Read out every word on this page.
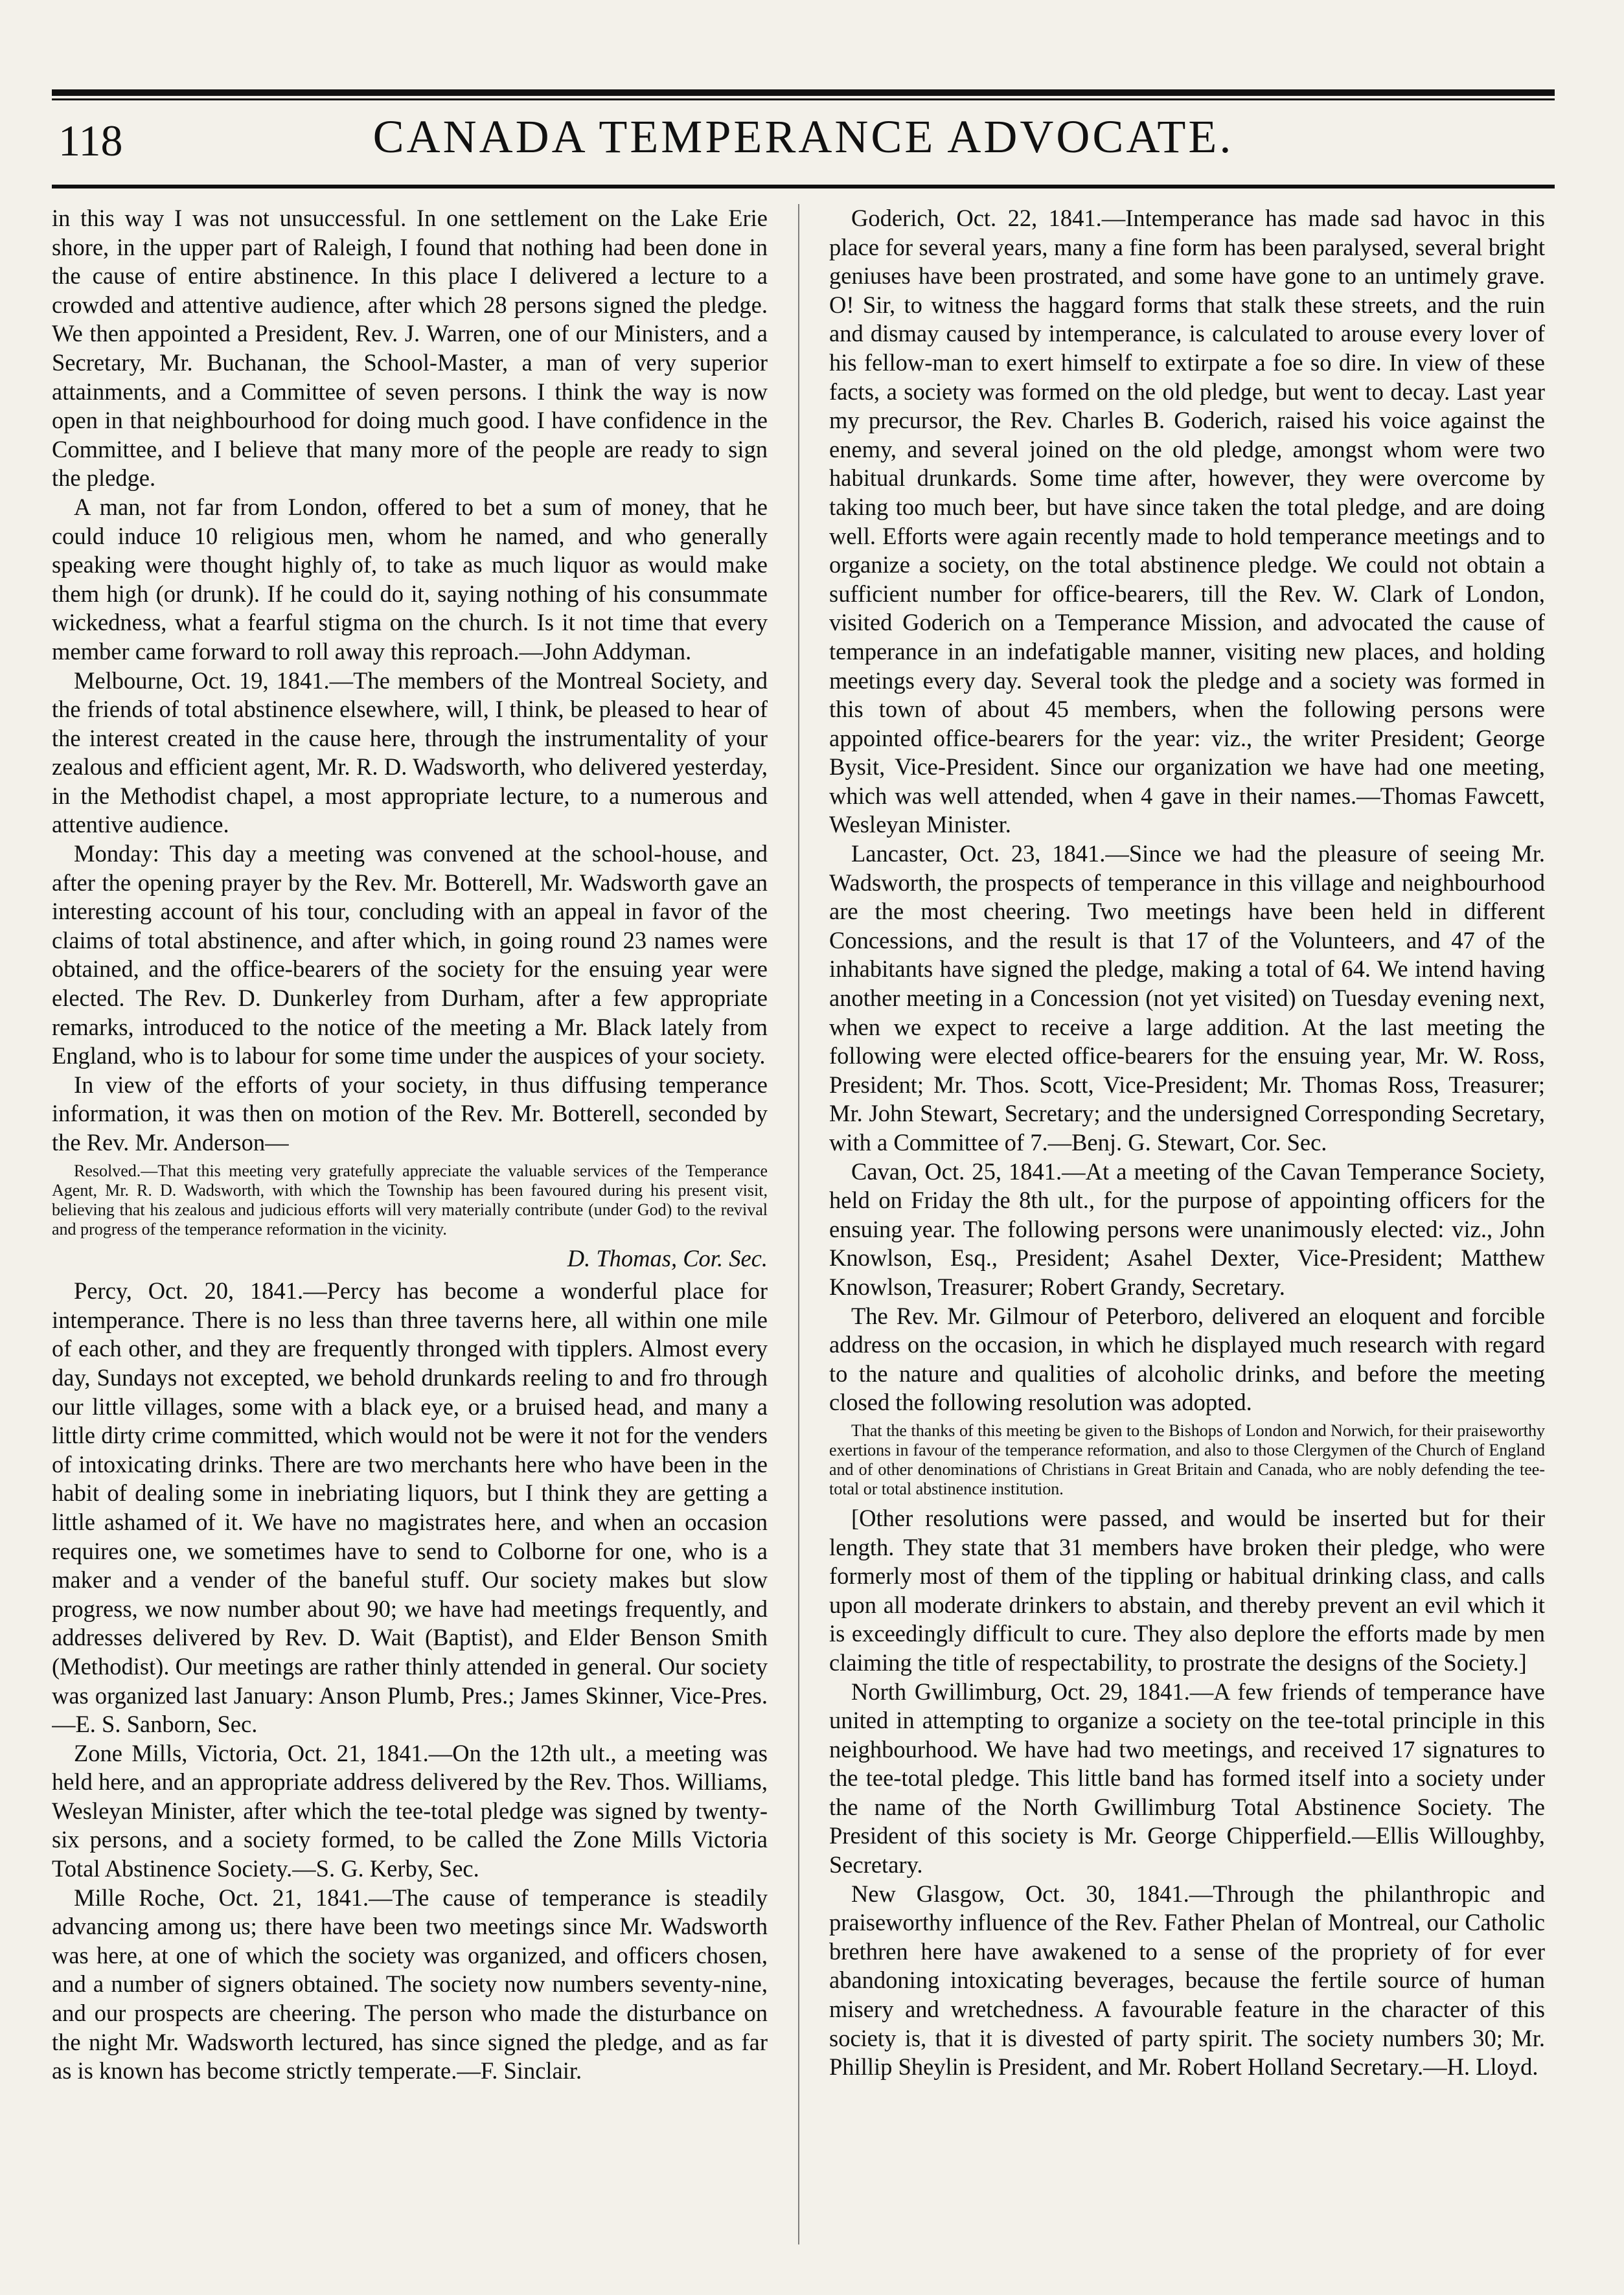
118	CANADA TEMPERANCE ADVOCATE.

in this way I was not unsuccessful. In one settlement on the Lake Erie shore, in the upper part of Raleigh, I found that nothing had been done in the cause of entire abstinence. In this place I delivered a lecture to a crowded and attentive audience, after which 28 persons signed the pledge. We then appointed a President, Rev. J. Warren, one of our Ministers, and a Secretary, Mr. Buchanan, the School-Master, a man of very superior attainments, and a Committee of seven persons. I think the way is now open in that neighbourhood for doing much good. I have confidence in the Committee, and I believe that many more of the people are ready to sign the pledge.

A man, not far from London, offered to bet a sum of money, that he could induce 10 religious men, whom he named, and who generally speaking were thought highly of, to take as much liquor as would make them high (or drunk). If he could do it, saying nothing of his consummate wickedness, what a fearful stigma on the church. Is it not time that every member came forward to roll away this reproach.—John Addyman.

Melbourne, Oct. 19, 1841.—The members of the Montreal Society, and the friends of total abstinence elsewhere, will, I think, be pleased to hear of the interest created in the cause here, through the instrumentality of your zealous and efficient agent, Mr. R. D. Wadsworth, who delivered yesterday, in the Methodist chapel, a most appropriate lecture, to a numerous and attentive audience.

Monday: This day a meeting was convened at the school-house, and after the opening prayer by the Rev. Mr. Botterell, Mr. Wadsworth gave an interesting account of his tour, concluding with an appeal in favor of the claims of total abstinence, and after which, in going round 23 names were obtained, and the office-bearers of the society for the ensuing year were elected. The Rev. D. Dunkerley from Durham, after a few appropriate remarks, introduced to the notice of the meeting a Mr. Black lately from England, who is to labour for some time under the auspices of your society.

In view of the efforts of your society, in thus diffusing temperance information, it was then on motion of the Rev. Mr. Botterell, seconded by the Rev. Mr. Anderson—

Resolved.—That this meeting very gratefully appreciate the valuable services of the Temperance Agent, Mr. R. D. Wadsworth, with which the Township has been favoured during his present visit, believing that his zealous and judicious efforts will very materially contribute (under God) to the revival and progress of the temperance reformation in the vicinity.

D. Thomas, Cor. Sec.

Percy, Oct. 20, 1841.—Percy has become a wonderful place for intemperance. There is no less than three taverns here, all within one mile of each other, and they are frequently thronged with tipplers. Almost every day, Sundays not excepted, we behold drunkards reeling to and fro through our little villages, some with a black eye, or a bruised head, and many a little dirty crime committed, which would not be were it not for the venders of intoxicating drinks. There are two merchants here who have been in the habit of dealing some in inebriating liquors, but I think they are getting a little ashamed of it. We have no magistrates here, and when an occasion requires one, we sometimes have to send to Colborne for one, who is a maker and a vender of the baneful stuff. Our society makes but slow progress, we now number about 90; we have had meetings frequently, and addresses delivered by Rev. D. Wait (Baptist), and Elder Benson Smith (Methodist). Our meetings are rather thinly attended in general. Our society was organized last January: Anson Plumb, Pres.; James Skinner, Vice-Pres.—E. S. Sanborn, Sec.

Zone Mills, Victoria, Oct. 21, 1841.—On the 12th ult., a meeting was held here, and an appropriate address delivered by the Rev. Thos. Williams, Wesleyan Minister, after which the tee-total pledge was signed by twenty-six persons, and a society formed, to be called the Zone Mills Victoria Total Abstinence Society.—S. G. Kerby, Sec.

Mille Roche, Oct. 21, 1841.—The cause of temperance is steadily advancing among us; there have been two meetings since Mr. Wadsworth was here, at one of which the society was organized, and officers chosen, and a number of signers obtained. The society now numbers seventy-nine, and our prospects are cheering. The person who made the disturbance on the night Mr. Wadsworth lectured, has since signed the pledge, and as far as is known has become strictly temperate.—F. Sinclair.

Goderich, Oct. 22, 1841.—Intemperance has made sad havoc in this place for several years, many a fine form has been paralysed, several bright geniuses have been prostrated, and some have gone to an untimely grave. O! Sir, to witness the haggard forms that stalk these streets, and the ruin and dismay caused by intemperance, is calculated to arouse every lover of his fellow-man to exert himself to extirpate a foe so dire. In view of these facts, a society was formed on the old pledge, but went to decay. Last year my precursor, the Rev. Charles B. Goderich, raised his voice against the enemy, and several joined on the old pledge, amongst whom were two habitual drunkards. Some time after, however, they were overcome by taking too much beer, but have since taken the total pledge, and are doing well. Efforts were again recently made to hold temperance meetings and to organize a society, on the total abstinence pledge. We could not obtain a sufficient number for office-bearers, till the Rev. W. Clark of London, visited Goderich on a Temperance Mission, and advocated the cause of temperance in an indefatigable manner, visiting new places, and holding meetings every day. Several took the pledge and a society was formed in this town of about 45 members, when the following persons were appointed office-bearers for the year: viz., the writer President; George Bysit, Vice-President. Since our organization we have had one meeting, which was well attended, when 4 gave in their names.—Thomas Fawcett, Wesleyan Minister.

Lancaster, Oct. 23, 1841.—Since we had the pleasure of seeing Mr. Wadsworth, the prospects of temperance in this village and neighbourhood are the most cheering. Two meetings have been held in different Concessions, and the result is that 17 of the Volunteers, and 47 of the inhabitants have signed the pledge, making a total of 64. We intend having another meeting in a Concession (not yet visited) on Tuesday evening next, when we expect to receive a large addition. At the last meeting the following were elected office-bearers for the ensuing year, Mr. W. Ross, President; Mr. Thos. Scott, Vice-President; Mr. Thomas Ross, Treasurer; Mr. John Stewart, Secretary; and the undersigned Corresponding Secretary, with a Committee of 7.—Benj. G. Stewart, Cor. Sec.

Cavan, Oct. 25, 1841.—At a meeting of the Cavan Temperance Society, held on Friday the 8th ult., for the purpose of appointing officers for the ensuing year. The following persons were unanimously elected: viz., John Knowlson, Esq., President; Asahel Dexter, Vice-President; Matthew Knowlson, Treasurer; Robert Grandy, Secretary.

The Rev. Mr. Gilmour of Peterboro, delivered an eloquent and forcible address on the occasion, in which he displayed much research with regard to the nature and qualities of alcoholic drinks, and before the meeting closed the following resolution was adopted.

That the thanks of this meeting be given to the Bishops of London and Norwich, for their praiseworthy exertions in favour of the temperance reformation, and also to those Clergymen of the Church of England and of other denominations of Christians in Great Britain and Canada, who are nobly defending the tee-total or total abstinence institution.

[Other resolutions were passed, and would be inserted but for their length. They state that 31 members have broken their pledge, who were formerly most of them of the tippling or habitual drinking class, and calls upon all moderate drinkers to abstain, and thereby prevent an evil which it is exceedingly difficult to cure. They also deplore the efforts made by men claiming the title of respectability, to prostrate the designs of the Society.]

North Gwillimburg, Oct. 29, 1841.—A few friends of temperance have united in attempting to organize a society on the tee-total principle in this neighbourhood. We have had two meetings, and received 17 signatures to the tee-total pledge. This little band has formed itself into a society under the name of the North Gwillimburg Total Abstinence Society. The President of this society is Mr. George Chipperfield.—Ellis Willoughby, Secretary.

New Glasgow, Oct. 30, 1841.—Through the philanthropic and praiseworthy influence of the Rev. Father Phelan of Montreal, our Catholic brethren here have awakened to a sense of the propriety of for ever abandoning intoxicating beverages, because the fertile source of human misery and wretchedness. A favourable feature in the character of this society is, that it is divested of party spirit. The society numbers 30; Mr. Phillip Sheylin is President, and Mr. Robert Holland Secretary.—H. Lloyd.
